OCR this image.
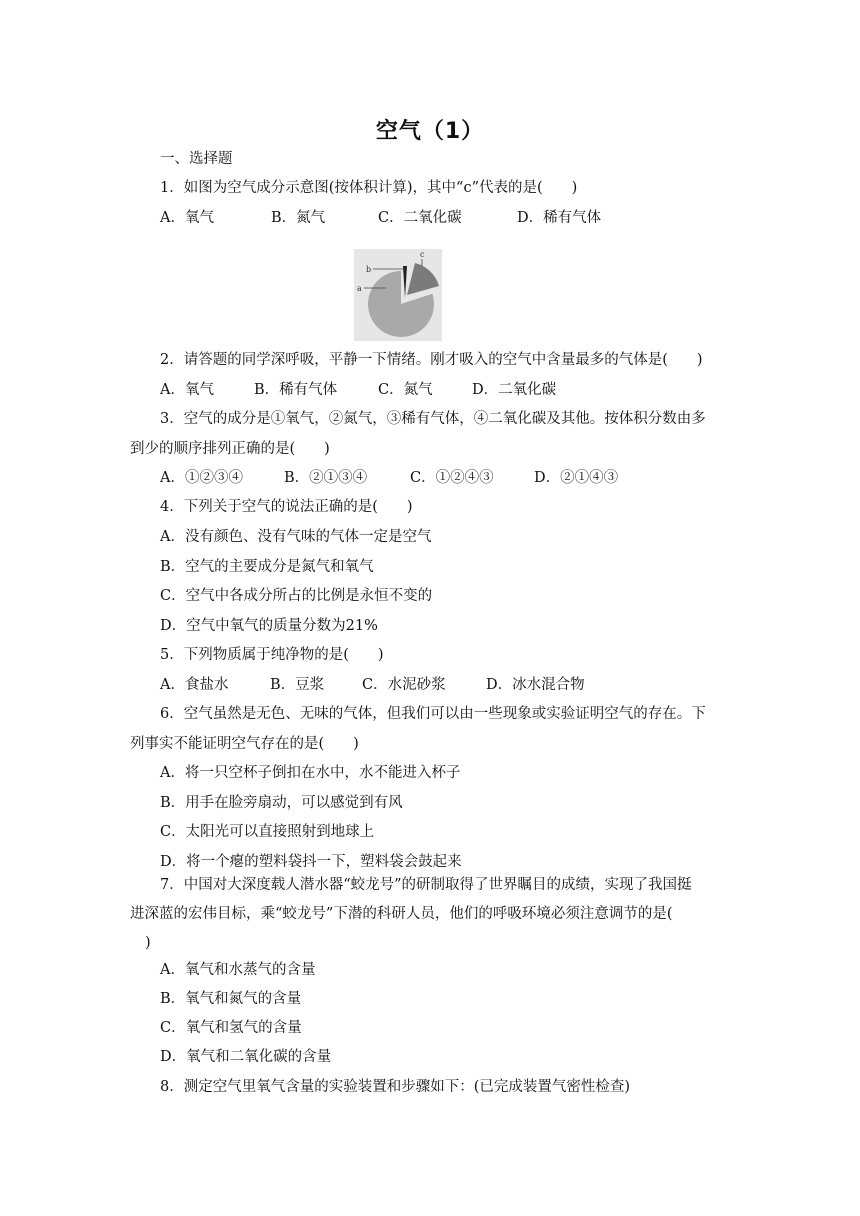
空气（1）
一、选择题
1．如图为空气成分示意图(按体积计算)，其中“c”代表的是(　　)
A．氧气	B．氮气	C．二氧化碳	D．稀有气体
a
b
c
2．请答题的同学深呼吸，平静一下情绪。刚才吸入的空气中含量最多的气体是(　　)
A．氧气	B．稀有气体	C．氮气	D．二氧化碳
3．空气的成分是①氧气，②氮气，③稀有气体，④二氧化碳及其他。按体积分数由多
到少的顺序排列正确的是(　　)
A．①②③④	B．②①③④	C．①②④③	D．②①④③
4．下列关于空气的说法正确的是(　　)
A．没有颜色、没有气味的气体一定是空气
B．空气的主要成分是氮气和氧气
C．空气中各成分所占的比例是永恒不变的
D．空气中氧气的质量分数为21%
5．下列物质属于纯净物的是(　　)
A．食盐水	B．豆浆	C．水泥砂浆	D．冰水混合物
6．空气虽然是无色、无味的气体，但我们可以由一些现象或实验证明空气的存在。下
列事实不能证明空气存在的是(　　)
A．将一只空杯子倒扣在水中，水不能进入杯子
B．用手在脸旁扇动，可以感觉到有风
C．太阳光可以直接照射到地球上
D．将一个瘪的塑料袋抖一下，塑料袋会鼓起来
7．中国对大深度载人潜水器“蛟龙号”的研制取得了世界瞩目的成绩，实现了我国挺
进深蓝的宏伟目标，乘“蛟龙号”下潜的科研人员，他们的呼吸环境必须注意调节的是(
)
A．氧气和水蒸气的含量
B．氧气和氮气的含量
C．氧气和氢气的含量
D．氧气和二氧化碳的含量
8．测定空气里氧气含量的实验装置和步骤如下：(已完成装置气密性检查)
